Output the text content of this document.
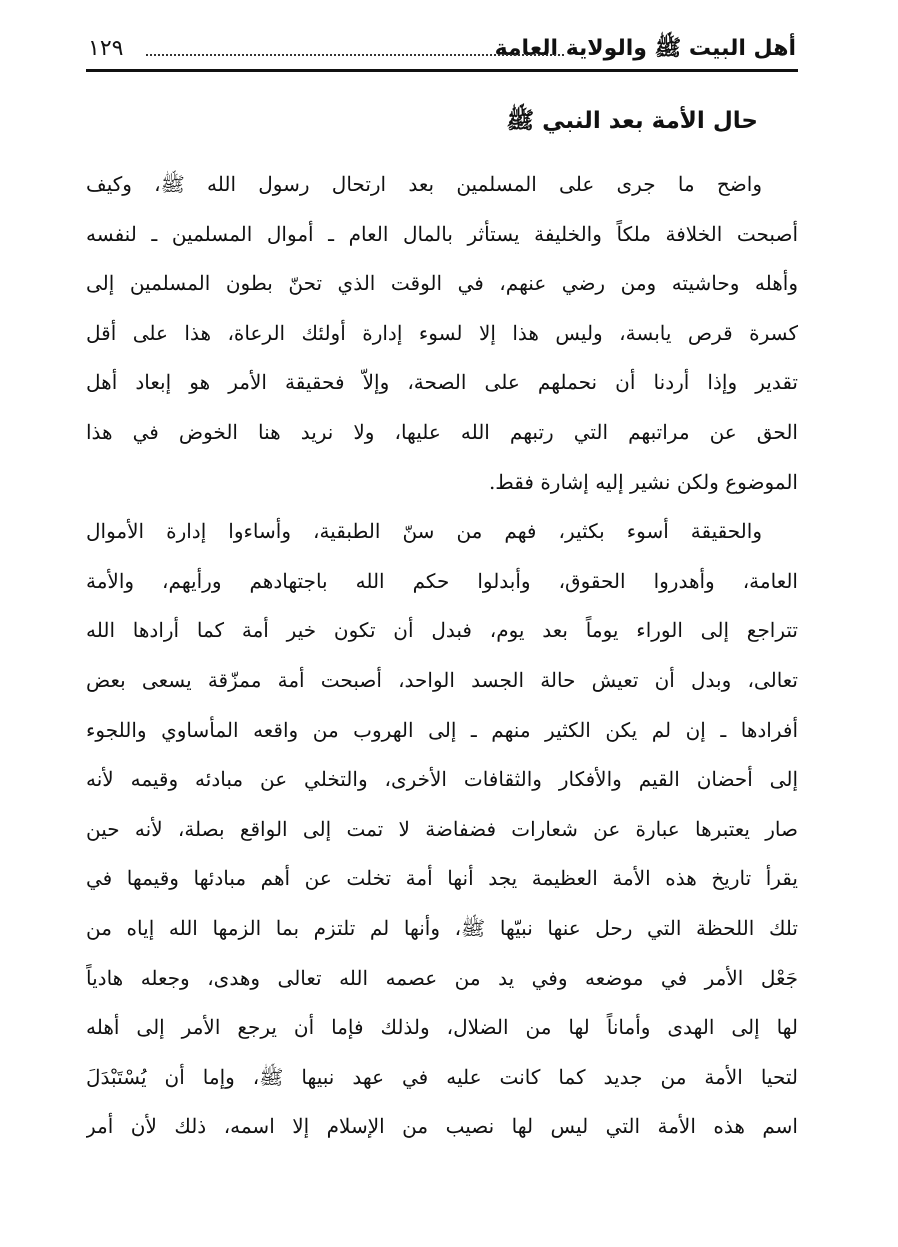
أهل البيت ﷺ والولاية العامة
١٢٩
حال الأمة بعد النبي ﷺ
واضح ما جرى على المسلمين بعد ارتحال رسول الله ﷺ، وكيف
أصبحت الخلافة ملكاً والخليفة يستأثر بالمال العام ـ أموال المسلمين ـ لنفسه
وأهله وحاشيته ومن رضي عنهم، في الوقت الذي تحنّ بطون المسلمين إلى
كسرة قرص يابسة، وليس هذا إلا لسوء إدارة أولئك الرعاة، هذا على أقل
تقدير وإذا أردنا أن نحملهم على الصحة، وإلاّ فحقيقة الأمر هو إبعاد أهل
الحق عن مراتبهم التي رتبهم الله عليها، ولا نريد هنا الخوض في هذا
الموضوع ولكن نشير إليه إشارة فقط.
والحقيقة أسوء بكثير، فهم من سنّ الطبقية، وأساءوا إدارة الأموال
العامة، وأهدروا الحقوق، وأبدلوا حكم الله باجتهادهم ورأيهم، والأمة
تتراجع إلى الوراء يوماً بعد يوم، فبدل أن تكون خير أمة كما أرادها الله
تعالى، وبدل أن تعيش حالة الجسد الواحد، أصبحت أمة ممزّقة يسعى بعض
أفرادها ـ إن لم يكن الكثير منهم ـ إلى الهروب من واقعه المأساوي واللجوء
إلى أحضان القيم والأفكار والثقافات الأخرى، والتخلي عن مبادئه وقيمه لأنه
صار يعتبرها عبارة عن شعارات فضفاضة لا تمت إلى الواقع بصلة، لأنه حين
يقرأ تاريخ هذه الأمة العظيمة يجد أنها أمة تخلت عن أهم مبادئها وقيمها في
تلك اللحظة التي رحل عنها نبيّها ﷺ، وأنها لم تلتزم بما الزمها الله إياه من
جَعْل الأمر في موضعه وفي يد من عصمه الله تعالى وهدى، وجعله هادياً
لها إلى الهدى وأماناً لها من الضلال، ولذلك فإما أن يرجع الأمر إلى أهله
لتحيا الأمة من جديد كما كانت عليه في عهد نبيها ﷺ، وإما أن يُسْتَبْدَلَ
اسم هذه الأمة التي ليس لها نصيب من الإسلام إلا اسمه، ذلك لأن أمر
